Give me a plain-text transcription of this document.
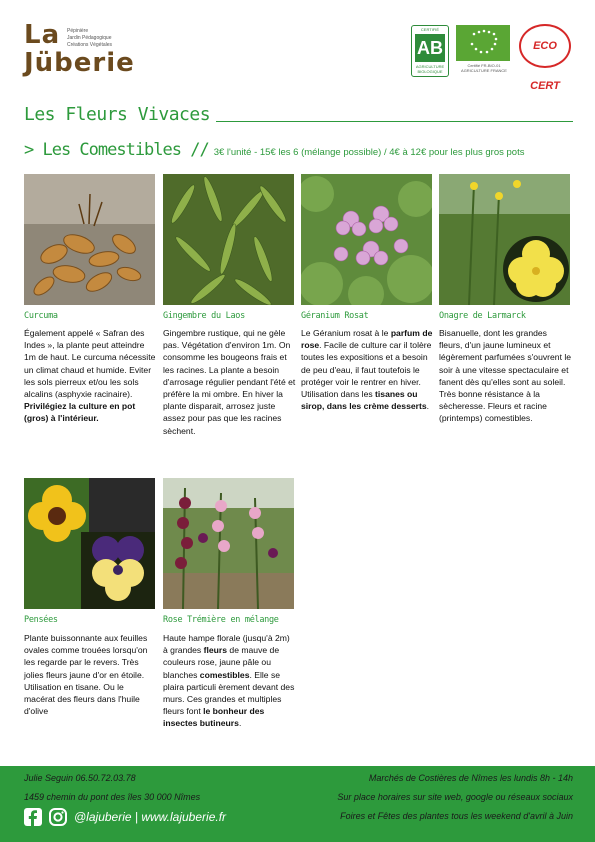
La
Jüberie
Pépinière
Jardin Pédagogique
Créations Végétales
CERTIFIÉ
AB
AGRICULTURE BIOLOGIQUE
Certifié FR-BIO-01 AGRICULTURE FRANCE
ECO CERT
Les Fleurs Vivaces
> Les Comestibles // 3€ l'unité - 15€ les 6 (mélange possible) / 4€ à 12€ pour les plus gros pots
Curcuma	Gingembre du Laos	Géranium Rosat	Onagre de Larmarck
Également appelé « Safran des Indes », la plante peut atteindre 1m de haut. Le curcuma nécessite un climat chaud et humide. Eviter les sols pierreux et/ou les sols alcalins (asphyxie racinaire). Privilégiez la culture en pot (gros) à l'intérieur.
Gingembre rustique, qui ne gèle pas. Végétation d'environ 1m. On consomme les bougeons frais et les racines. La plante a besoin d'arrosage régulier pendant l'été et préfère la mi ombre. En hiver la plante disparait, arrosez juste assez pour pas que les racines sèchent.
Le Géranium rosat à le parfum de rose. Facile de culture car il tolère toutes les expositions et a besoin de peu d'eau, il faut toutefois le protéger voir le rentrer en hiver. Utilisation dans les tisanes ou sirop, dans les crème desserts.
Bisanuelle, dont les grandes fleurs, d'un jaune lumineux et légèrement parfumées s'ouvrent le soir à une vitesse spectaculaire et fanent dès qu'elles sont au soleil. Très bonne résistance à la sècheresse. Fleurs et racine (printemps) comestibles.
Pensées	Rose Trémière en mélange
Plante buissonnante aux feuilles ovales comme trouées lorsqu'on les regarde par le revers. Très jolies fleurs jaune d'or en étoile. Utilisation en tisane. Ou le macérat des fleurs dans l'huile d'olive
Haute hampe florale (jusqu'à 2m) à grandes fleurs de mauve de couleurs rose, jaune pâle ou blanches comestibles. Elle se plaira particuli èrement devant des murs. Ces grandes et multiples fleurs font le bonheur des insectes butineurs.
Julie Seguin 06.50.72.03.78
1459 chemin du pont des îles 30 000 Nîmes
@lajuberie | www.lajuberie.fr
Marchés de Costières de Nîmes les lundis 8h - 14h
Sur place horaires sur site web, google ou réseaux sociaux
Foires et Fêtes des plantes tous les weekend d'avril à Juin
